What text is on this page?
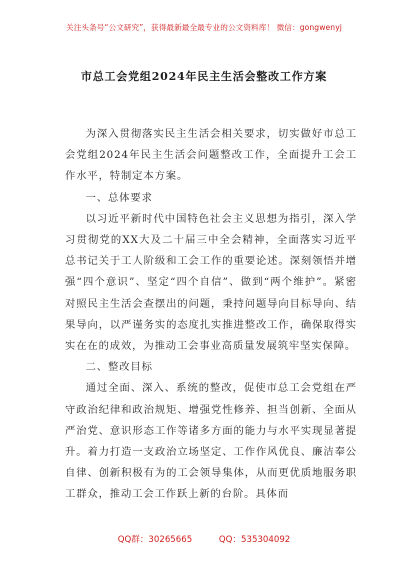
关注头条号“公文研究”，获得最新最全最专业的公文资料库！ 微信：gongwenyj
市总工会党组2024年民主生活会整改工作方案

为深入贯彻落实民主生活会相关要求，切实做好市总工会党组2024年民主生活会问题整改工作，全面提升工会工作水平，特制定本方案。

一、总体要求

以习近平新时代中国特色社会主义思想为指引，深入学习贯彻党的XX大及二十届三中全会精神，全面落实习近平总书记关于工人阶级和工会工作的重要论述。深刻领悟并增强“四个意识”、坚定“四个自信”、做到“两个维护”。紧密对照民主生活会查摆出的问题，秉持问题导向目标导向、结果导向，以严谨务实的态度扎实推进整改工作，确保取得实实在在的成效，为推动工会事业高质量发展筑牢坚实保障。

二、整改目标

通过全面、深入、系统的整改，促使市总工会党组在严守政治纪律和政治规矩、增强党性修养、担当创新、全面从严治党、意识形态工作等诸多方面的能力与水平实现显著提升。着力打造一支政治立场坚定、工作作风优良、廉洁奉公自律、创新积极有为的工会领导集体，从而更优质地服务职工群众，推动工会工作跃上新的台阶。具体而

QQ群：30265665	QQ：535304092
